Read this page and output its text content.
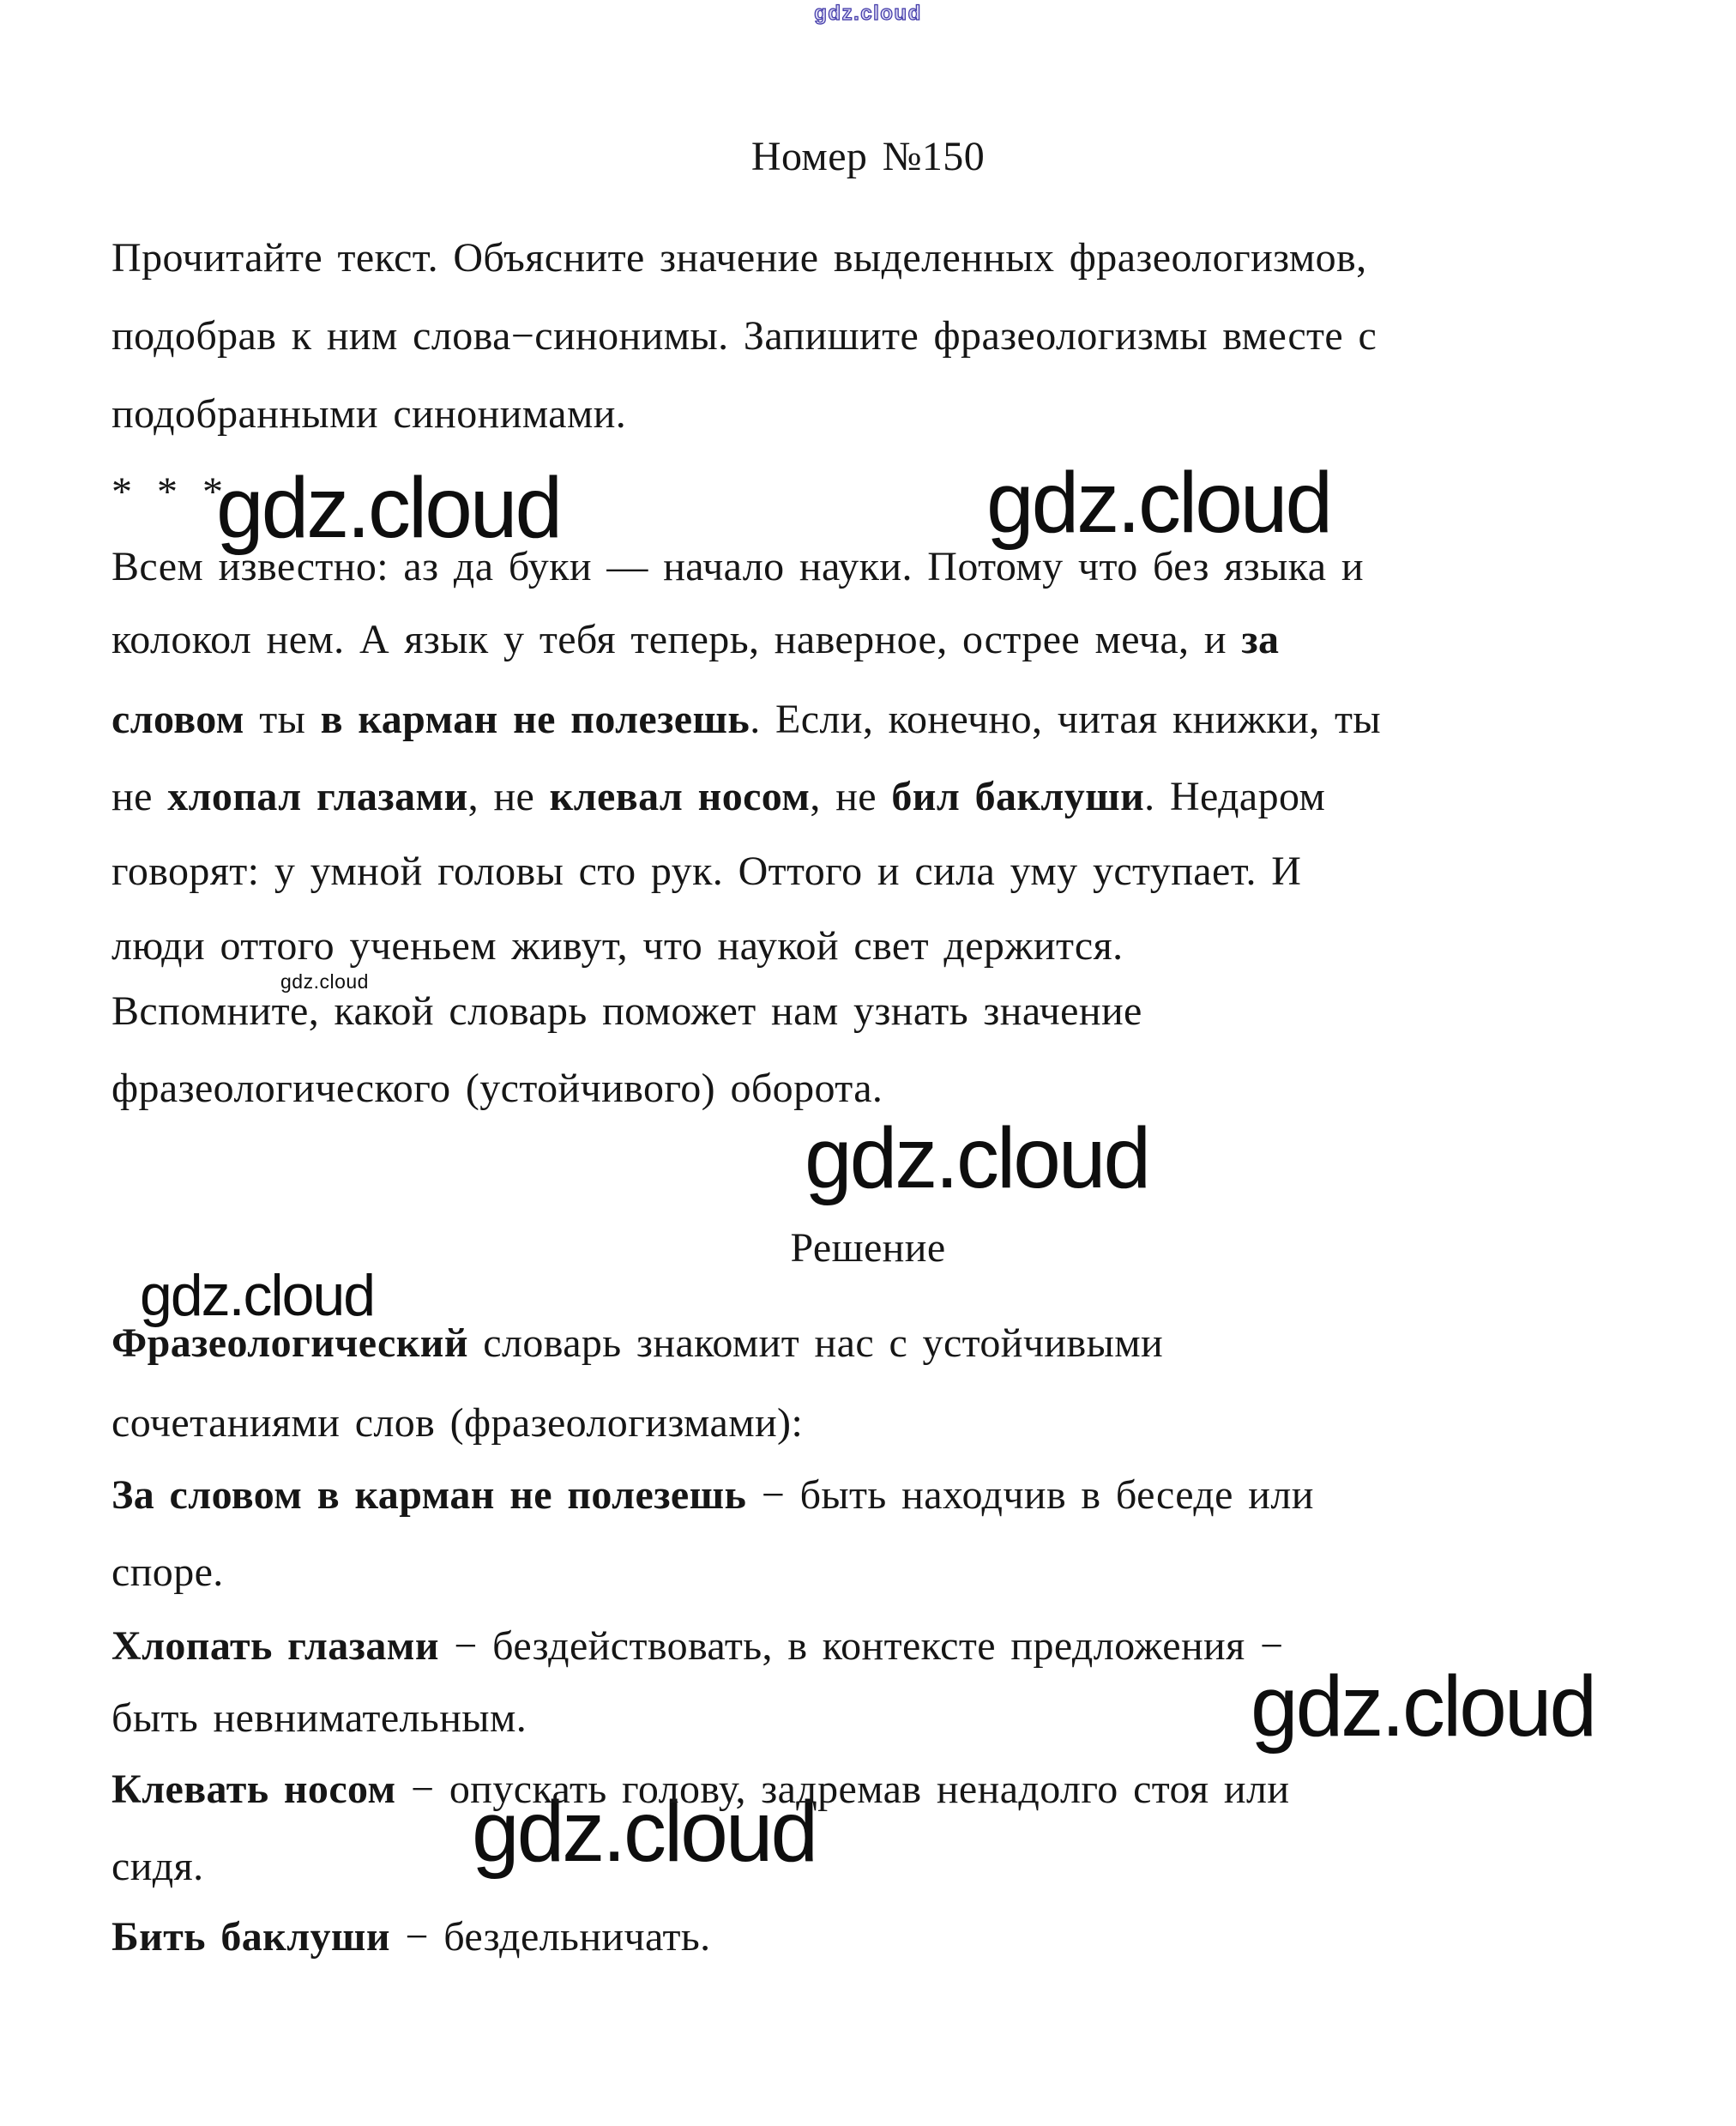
gdz.cloud
gdz.cloud	gdz.cloud
gdz.cloud
gdz.cloud
gdz.cloud
gdz.cloud
gdz.cloud
Номер №150
Прочитайте текст. Объясните значение выделенных фразеологизмов,
подобрав к ним слова−синонимы. Запишите фразеологизмы вместе с
подобранными синонимами.
* * *
Всем известно: аз да буки — начало науки. Потому что без языка и
колокол нем. А язык у тебя теперь, наверное, острее меча, и за
словом ты в карман не полезешь. Если, конечно, читая книжки, ты
не хлопал глазами, не клевал носом, не бил баклуши. Недаром
говорят: у умной головы сто рук. Оттого и сила уму уступает. И
люди оттого ученьем живут, что наукой свет держится.
Вспомните, какой словарь поможет нам узнать значение
фразеологического (устойчивого) оборота.
Решение
Фразеологический словарь знакомит нас с устойчивыми
сочетаниями слов (фразеологизмами):
За словом в карман не полезешь − быть находчив в беседе или
споре.
Хлопать глазами − бездействовать, в контексте предложения −
быть невнимательным.
Клевать носом − опускать голову, задремав ненадолго стоя или
сидя.
Бить баклуши − бездельничать.
